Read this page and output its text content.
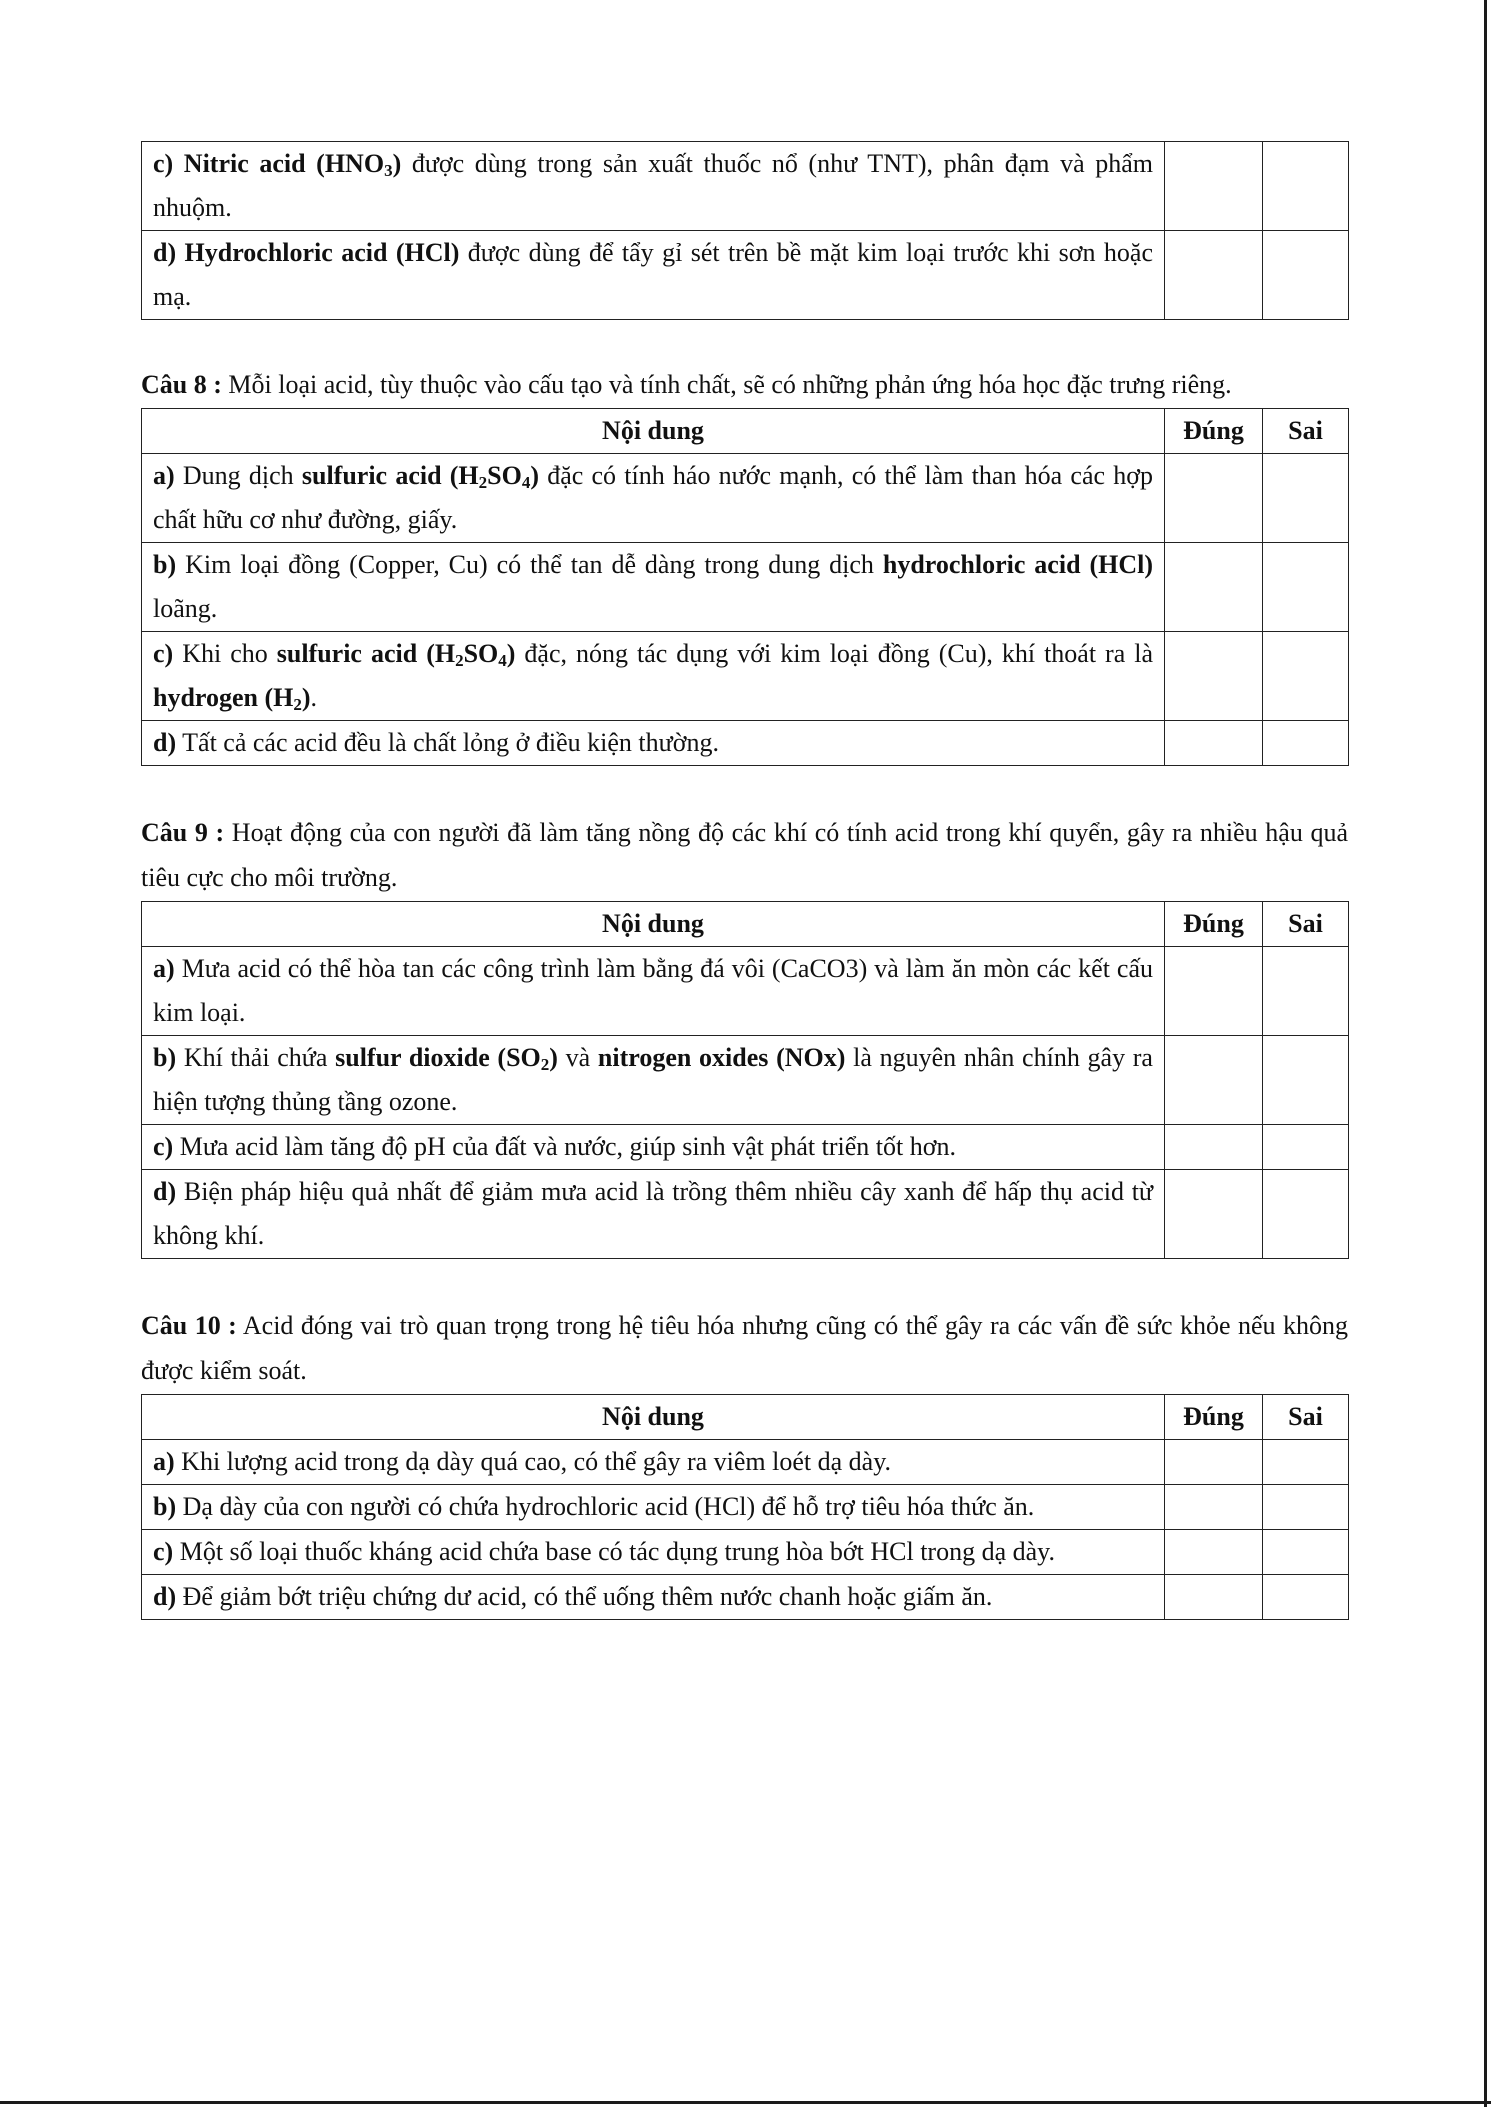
c) Nitric acid $(HNO_3)$ được dùng trong sản xuất thuốc nổ (như TNT), phân đạm và phẩm nhuộm.		
d) Hydrochloric acid (HCl) được dùng để tẩy gỉ sét trên bề mặt kim loại trước khi sơn hoặc mạ.		

Câu 8 : Mỗi loại acid, tùy thuộc vào cấu tạo và tính chất, sẽ có những phản ứng hóa học đặc trưng riêng.

Nội dung	Đúng	Sai
a) Dung dịch sulfuric acid $(H_2SO_4)$ đặc có tính háo nước mạnh, có thể làm than hóa các hợp chất hữu cơ như đường, giấy.		
b) Kim loại đồng (Copper, Cu) có thể tan dễ dàng trong dung dịch hydrochloric acid (HCl) loãng.		
c) Khi cho sulfuric acid $(H_2SO_4)$ đặc, nóng tác dụng với kim loại đồng (Cu), khí thoát ra là hydrogen $(H_2)$.		
d) Tất cả các acid đều là chất lỏng ở điều kiện thường.		

Câu 9 : Hoạt động của con người đã làm tăng nồng độ các khí có tính acid trong khí quyển, gây ra nhiều hậu quả tiêu cực cho môi trường.

Nội dung	Đúng	Sai
a) Mưa acid có thể hòa tan các công trình làm bằng đá vôi (CaCO3) và làm ăn mòn các kết cấu kim loại.		
b) Khí thải chứa sulfur dioxide $(SO_2)$ và nitrogen oxides (NOx) là nguyên nhân chính gây ra hiện tượng thủng tầng ozone.		
c) Mưa acid làm tăng độ pH của đất và nước, giúp sinh vật phát triển tốt hơn.		
d) Biện pháp hiệu quả nhất để giảm mưa acid là trồng thêm nhiều cây xanh để hấp thụ acid từ không khí.		

Câu 10 : Acid đóng vai trò quan trọng trong hệ tiêu hóa nhưng cũng có thể gây ra các vấn đề sức khỏe nếu không được kiểm soát.

Nội dung	Đúng	Sai
a) Khi lượng acid trong dạ dày quá cao, có thể gây ra viêm loét dạ dày.		
b) Dạ dày của con người có chứa hydrochloric acid (HCl) để hỗ trợ tiêu hóa thức ăn.		
c) Một số loại thuốc kháng acid chứa base có tác dụng trung hòa bớt HCl trong dạ dày.		
d) Để giảm bớt triệu chứng dư acid, có thể uống thêm nước chanh hoặc giấm ăn.		
